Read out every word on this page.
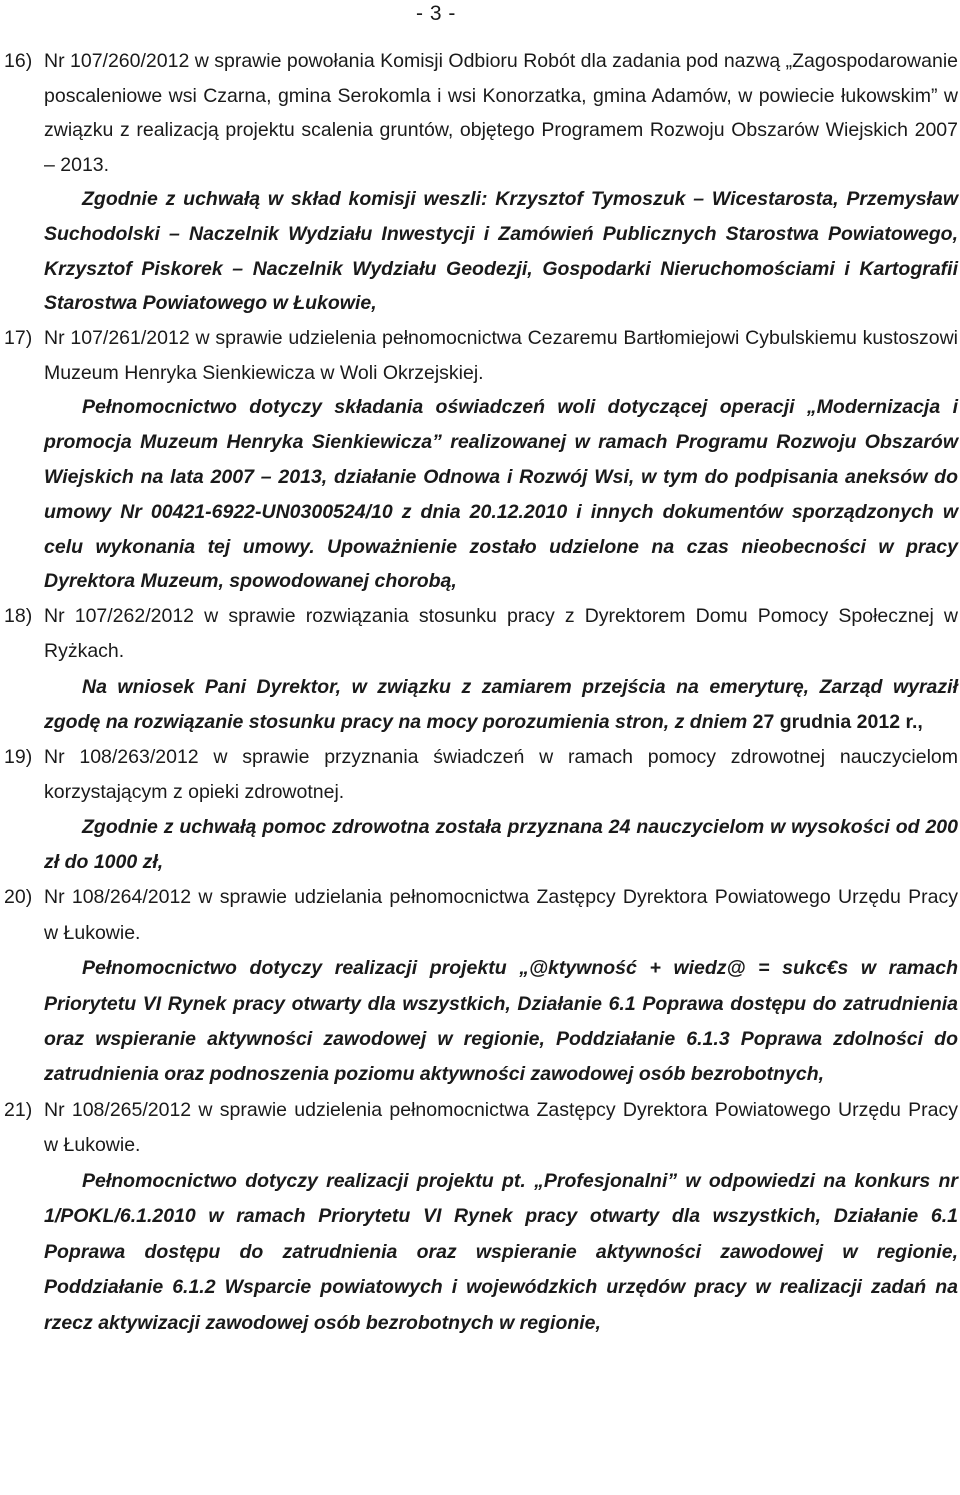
- 3 -
16) Nr 107/260/2012 w sprawie powołania Komisji Odbioru Robót dla zadania pod nazwą „Zagospodarowanie poscaleniowe wsi Czarna, gmina Serokomla i wsi Konorzatka, gmina Adamów, w powiecie łukowskim” w związku z realizacją projektu scalenia gruntów, objętego Programem Rozwoju Obszarów Wiejskich 2007 – 2013.
Zgodnie z uchwałą w skład komisji weszli: Krzysztof Tymoszuk – Wicestarosta, Przemysław Suchodolski – Naczelnik Wydziału Inwestycji i Zamówień Publicznych Starostwa Powiatowego, Krzysztof Piskorek – Naczelnik Wydziału Geodezji, Gospodarki Nieruchomościami i Kartografii Starostwa Powiatowego w Łukowie,
17) Nr 107/261/2012 w sprawie udzielenia pełnomocnictwa Cezaremu Bartłomiejowi Cybulskiemu kustoszowi Muzeum Henryka Sienkiewicza w Woli Okrzejskiej.
Pełnomocnictwo dotyczy składania oświadczeń woli dotyczącej operacji „Modernizacja i promocja Muzeum Henryka Sienkiewicza” realizowanej w ramach Programu Rozwoju Obszarów Wiejskich na lata 2007 – 2013, działanie Odnowa i Rozwój Wsi, w tym do podpisania aneksów do umowy Nr 00421-6922-UN0300524/10 z dnia 20.12.2010 i innych dokumentów sporządzonych w celu wykonania tej umowy. Upoważnienie zostało udzielone na czas nieobecności w pracy Dyrektora Muzeum, spowodowanej chorobą,
18) Nr 107/262/2012 w sprawie rozwiązania stosunku pracy z Dyrektorem Domu Pomocy Społecznej w Ryżkach.
Na wniosek Pani Dyrektor, w związku z zamiarem przejścia na emeryturę, Zarząd wyraził zgodę na rozwiązanie stosunku pracy na mocy porozumienia stron, z dniem 27 grudnia 2012 r.,
19) Nr 108/263/2012 w sprawie przyznania świadczeń w ramach pomocy zdrowotnej nauczycielom korzystającym z opieki zdrowotnej.
Zgodnie z uchwałą pomoc zdrowotna została przyznana 24 nauczycielom w wysokości od 200 zł do 1000 zł,
20) Nr 108/264/2012 w sprawie udzielania pełnomocnictwa Zastępcy Dyrektora Powiatowego Urzędu Pracy w Łukowie.
Pełnomocnictwo dotyczy realizacji projektu „@ktywność + wiedz@ = sukc€s w ramach Priorytetu VI Rynek pracy otwarty dla wszystkich, Działanie 6.1 Poprawa dostępu do zatrudnienia oraz wspieranie aktywności zawodowej w regionie, Poddziałanie 6.1.3 Poprawa zdolności do zatrudnienia oraz podnoszenia poziomu aktywności zawodowej osób bezrobotnych,
21) Nr 108/265/2012 w sprawie udzielenia pełnomocnictwa Zastępcy Dyrektora Powiatowego Urzędu Pracy w Łukowie.
Pełnomocnictwo dotyczy realizacji projektu pt. „Profesjonalni” w odpowiedzi na konkurs nr 1/POKL/6.1.2010 w ramach Priorytetu VI Rynek pracy otwarty dla wszystkich, Działanie 6.1 Poprawa dostępu do zatrudnienia oraz wspieranie aktywności zawodowej w regionie, Poddziałanie 6.1.2 Wsparcie powiatowych i wojewódzkich urzędów pracy w realizacji zadań na rzecz aktywizacji zawodowej osób bezrobotnych w regionie,
